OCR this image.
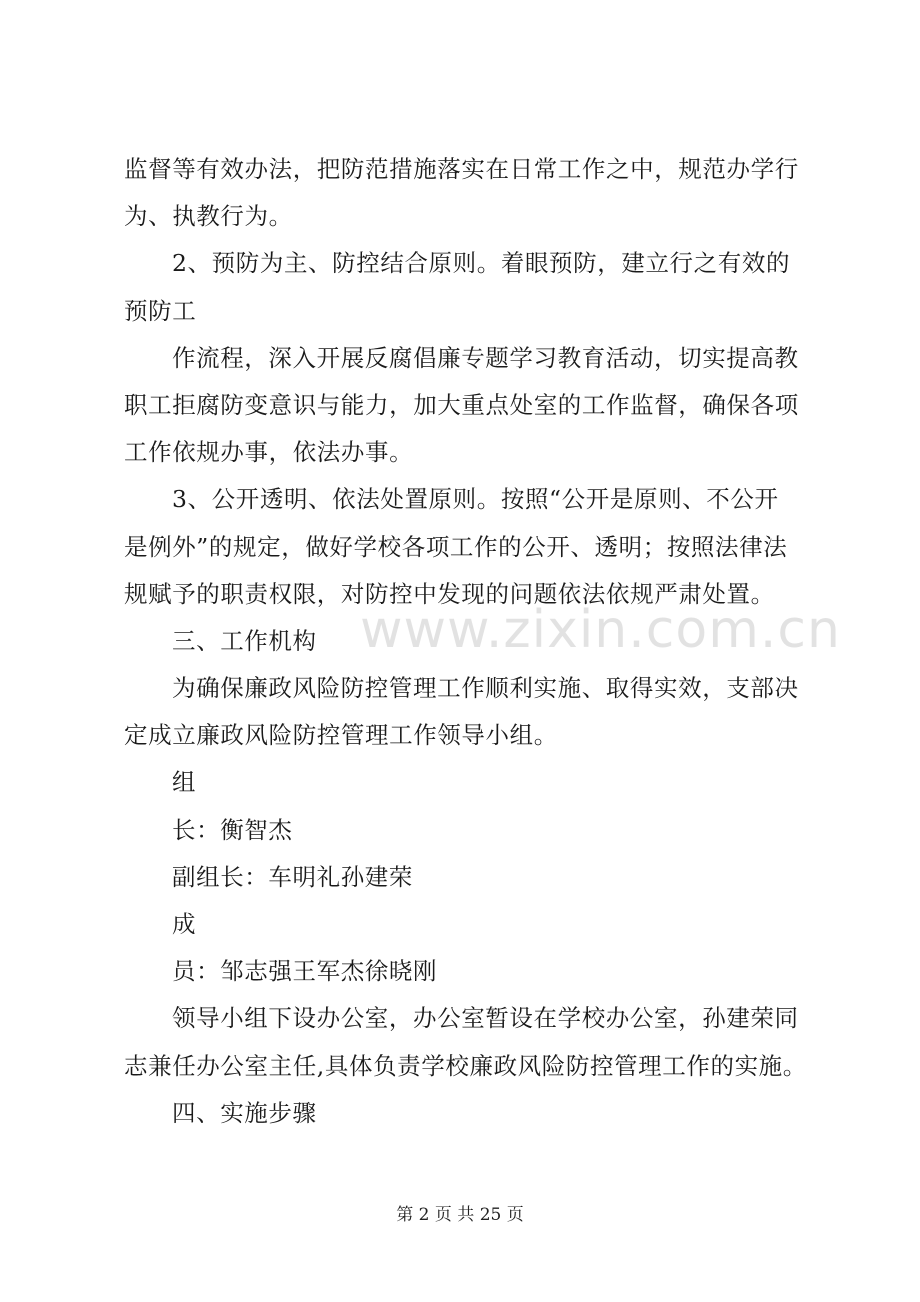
监督等有效办法，把防范措施落实在日常工作之中，规范办学行
为、执教行为。
2、预防为主、防控结合原则。着眼预防，建立行之有效的
预防工
作流程，深入开展反腐倡廉专题学习教育活动，切实提高教
职工拒腐防变意识与能力，加大重点处室的工作监督，确保各项
工作依规办事，依法办事。
3、公开透明、依法处置原则。按照“公开是原则、不公开
是例外”的规定，做好学校各项工作的公开、透明；按照法律法
规赋予的职责权限，对防控中发现的问题依法依规严肃处置。
三、工作机构
为确保廉政风险防控管理工作顺利实施、取得实效，支部决
定成立廉政风险防控管理工作领导小组。
组
长：衡智杰
副组长：车明礼孙建荣
成
员：邹志强王军杰徐晓刚
领导小组下设办公室，办公室暂设在学校办公室，孙建荣同
志兼任办公室主任,具体负责学校廉政风险防控管理工作的实施。
四、实施步骤
www.zixin.com.cn
第 2 页 共 25 页
